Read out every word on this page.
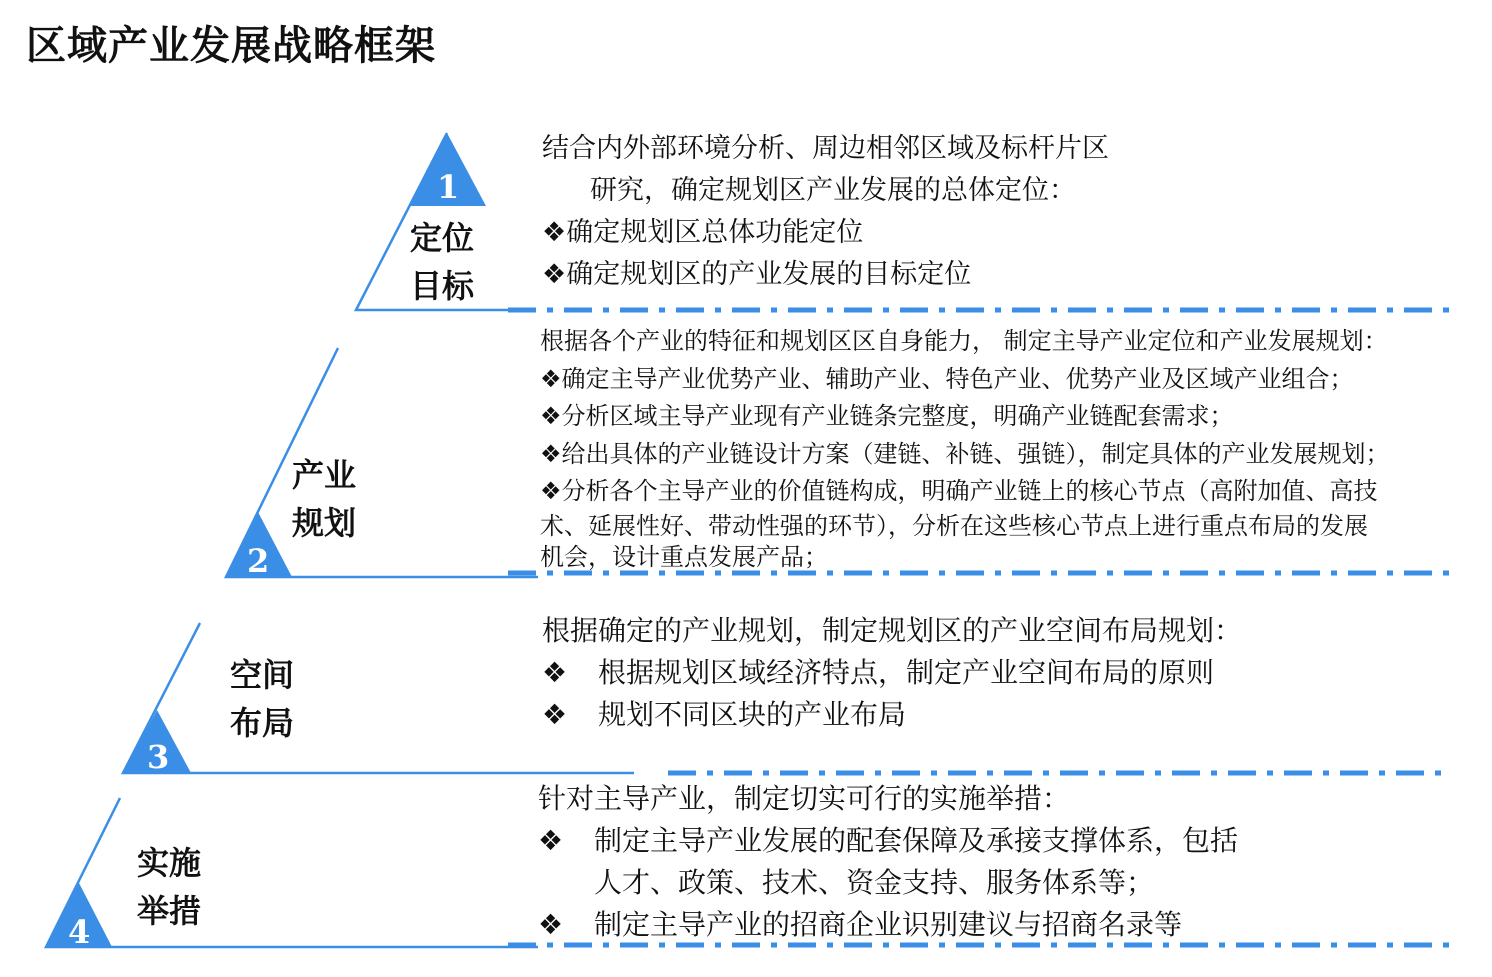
区域产业发展战略框架
1
2
3
4
定位
目标
产业
规划
空间
布局
实施
举措
结合内外部环境分析、周边相邻区域及标杆片区
研究，确定规划区产业发展的总体定位：
❖确定规划区总体功能定位
❖确定规划区的产业发展的目标定位
根据各个产业的特征和规划区区自身能力， 制定主导产业定位和产业发展规划：
❖确定主导产业优势产业、辅助产业、特色产业、优势产业及区域产业组合；
❖分析区域主导产业现有产业链条完整度，明确产业链配套需求；
❖给出具体的产业链设计方案（建链、补链、强链），制定具体的产业发展规划；
❖分析各个主导产业的价值链构成，明确产业链上的核心节点（高附加值、高技
术、延展性好、带动性强的环节），分析在这些核心节点上进行重点布局的发展
机会，设计重点发展产品；
根据确定的产业规划，制定规划区的产业空间布局规划：
❖ 根据规划区域经济特点，制定产业空间布局的原则
❖ 规划不同区块的产业布局
针对主导产业，制定切实可行的实施举措：
❖ 制定主导产业发展的配套保障及承接支撑体系，包括
人才、政策、技术、资金支持、服务体系等；
❖ 制定主导产业的招商企业识别建议与招商名录等
